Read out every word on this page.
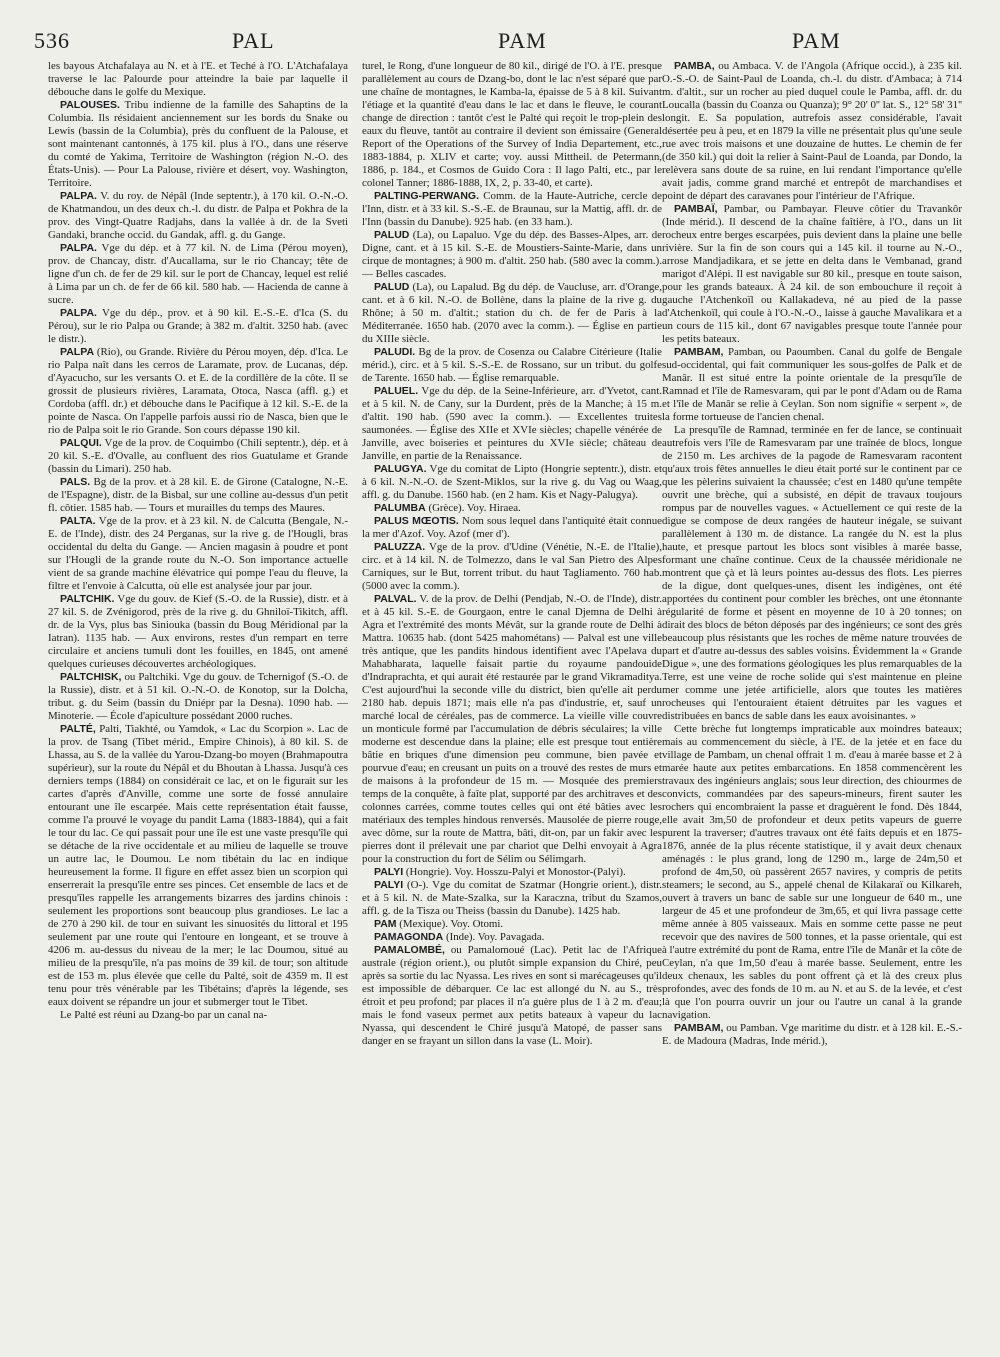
536	PAL	PAM	PAM

les bayous Atchafalaya au N. et à l'E. et Teché à l'O. L'Atchafalaya traverse le lac Palourde pour atteindre la baie par laquelle il débouche dans le golfe du Mexique.

PALOUSES. Tribu indienne de la famille des Sahaptins de la Columbia. Ils résidaient anciennement sur les bords du Snake ou Lewis (bassin de la Columbia), près du confluent de la Palouse, et sont maintenant cantonnés, à 175 kil. plus à l'O., dans une réserve du comté de Yakima, Territoire de Washington (région N.-O. des États-Unis). — Pour La Palouse, rivière et désert, voy. Washington, Territoire.

PALPA. V. du roy. de Népâl (Inde septentr.), à 170 kil. O.-N.-O. de Khatmandou, un des deux ch.-l. du distr. de Palpa et Pokhra de la prov. des Vingt-Quatre Radjahs, dans la vallée à dr. de la Sveti Gandaki, branche occid. du Gandak, affl. g. du Gange.

PALPA. Vge du dép. et à 77 kil. N. de Lima (Pérou moyen), prov. de Chancay, distr. d'Aucallama, sur le rio Chancay; tête de ligne d'un ch. de fer de 29 kil. sur le port de Chancay, lequel est relié à Lima par un ch. de fer de 66 kil. 580 hab. — Hacienda de canne à sucre.

PALPA. Vge du dép., prov. et à 90 kil. E.-S.-E. d'Ica (S. du Pérou), sur le rio Palpa ou Grande; à 382 m. d'altit. 3250 hab. (avec le distr.).

PALPA (Rio), ou Grande. Rivière du Pérou moyen, dép. d'Ica. Le rio Palpa naît dans les cerros de Laramate, prov. de Lucanas, dép. d'Ayacucho, sur les versants O. et E. de la cordillère de la côte. Il se grossit de plusieurs rivières, Laramata, Otoca, Nasca (affl. g.) et Cordoba (affl. dr.) et débouche dans le Pacifique à 12 kil. S.-E. de la pointe de Nasca. On l'appelle parfois aussi rio de Nasca, bien que le rio de Palpa soit le rio Grande. Son cours dépasse 190 kil.

PALQUI. Vge de la prov. de Coquimbo (Chili septentr.), dép. et à 20 kil. S.-E. d'Ovalle, au confluent des rios Guatulame et Grande (bassin du Limari). 250 hab.

PALS. Bg de la prov. et à 28 kil. E. de Girone (Catalogne, N.-E. de l'Espagne), distr. de la Bisbal, sur une colline au-dessus d'un petit fl. côtier. 1585 hab. — Tours et murailles du temps des Maures.

PALTA. Vge de la prov. et à 23 kil. N. de Calcutta (Bengale, N.-E. de l'Inde), distr. des 24 Perganas, sur la rive g. de l'Hougli, bras occidental du delta du Gange. — Ancien magasin à poudre et pont sur l'Hougli de la grande route du N.-O. Son importance actuelle vient de sa grande machine élévatrice qui pompe l'eau du fleuve, la filtre et l'envoie à Calcutta, où elle est analysée jour par jour.

PALTCHIK. Vge du gouv. de Kief (S.-O. de la Russie), distr. et à 27 kil. S. de Zvénigorod, près de la rive g. du Ghniloï-Tikitch, affl. dr. de la Vys, plus bas Siniouka (bassin du Boug Méridional par la Iatran). 1135 hab. — Aux environs, restes d'un rempart en terre circulaire et anciens tumuli dont les fouilles, en 1845, ont amené quelques curieuses découvertes archéologiques.

PALTCHISK, ou Paltchiki. Vge du gouv. de Tchernigof (S.-O. de la Russie), distr. et à 51 kil. O.-N.-O. de Konotop, sur la Dolcha, tribut. g. du Seim (bassin du Dniépr par la Desna). 1090 hab. — Minoterie. — École d'apiculture possédant 2000 ruches.

PALTÉ, Palti, Tiakhté, ou Yamdok, « Lac du Scorpion ». Lac de la prov. de Tsang (Tibet mérid., Empire Chinois), à 80 kil. S. de Lhassa, au S. de la vallée du Yarou-Dzang-bo moyen (Brahmapoutra supérieur), sur la route du Népâl et du Bhoutan à Lhassa. Jusqu'à ces derniers temps (1884) on considérait ce lac, et on le figurait sur les cartes d'après d'Anville, comme une sorte de fossé annulaire entourant une île escarpée. Mais cette représentation était fausse, comme l'a prouvé le voyage du pandit Lama (1883-1884), qui a fait le tour du lac. Ce qui passait pour une île est une vaste presqu'île qui se détache de la rive occidentale et au milieu de laquelle se trouve un autre lac, le Doumou. Le nom tibétain du lac en indique heureusement la forme. Il figure en effet assez bien un scorpion qui enserrerait la presqu'île entre ses pinces. Cet ensemble de lacs et de presqu'îles rappelle les arrangements bizarres des jardins chinois : seulement les proportions sont beaucoup plus grandioses. Le lac a de 270 à 290 kil. de tour en suivant les sinuosités du littoral et 195 seulement par une route qui l'entoure en longeant, et se trouve à 4206 m. au-dessus du niveau de la mer; le lac Doumou, situé au milieu de la presqu'île, n'a pas moins de 39 kil. de tour; son altitude est de 153 m. plus élevée que celle du Palté, soit de 4359 m. Il est tenu pour très vénérable par les Tibétains; d'après la légende, ses eaux doivent se répandre un jour et submerger tout le Tibet.

Le Palté est réuni au Dzang-bo par un canal na-

turel, le Rong, d'une longueur de 80 kil., dirigé de l'O. à l'E. presque parallèlement au cours de Dzang-bo, dont le lac n'est séparé que par une chaîne de montagnes, le Kamba-la, épaisse de 5 à 8 kil. Suivant l'étiage et la quantité d'eau dans le lac et dans le fleuve, le courant change de direction : tantôt c'est le Palté qui reçoit le trop-plein des eaux du fleuve, tantôt au contraire il devient son émissaire (General Report of the Operations of the Survey of India Departement, etc., 1883-1884, p. XLIV et carte; voy. aussi Mittheil. de Petermann, 1886, p. 184., et Cosmos de Guido Cora : Il lago Palti, etc., par le colonel Tanner; 1886-1888, IX, 2, p. 33-40, et carte).

PALTING-PERWANG. Comm. de la Haute-Autriche, cercle de l'Inn, distr. et à 33 kil. S.-S.-E. de Braunau, sur la Mattig, affl. dr. de l'Inn (bassin du Danube). 925 hab. (en 33 ham.).

PALUD (La), ou Lapaluo. Vge du dép. des Basses-Alpes, arr. de Digne, cant. et à 15 kil. S.-E. de Moustiers-Sainte-Marie, dans un cirque de montagnes; à 900 m. d'altit. 250 hab. (580 avec la comm.). — Belles cascades.

PALUD (La), ou Lapalud. Bg du dép. de Vaucluse, arr. d'Orange, cant. et à 6 kil. N.-O. de Bollène, dans la plaine de la rive g. du Rhône; à 50 m. d'altit.; station du ch. de fer de Paris à la Méditerranée. 1650 hab. (2070 avec la comm.). — Église en partie du XIIIe siècle.

PALUDI. Bg de la prov. de Cosenza ou Calabre Citérieure (Italie mérid.), circ. et à 5 kil. S.-S.-E. de Rossano, sur un tribut. du golfe de Tarente. 1650 hab. — Église remarquable.

PALUEL. Vge du dép. de la Seine-Inférieure, arr. d'Yvetot, cant. et à 5 kil. N. de Cany, sur la Durdent, près de la Manche; à 15 m. d'altit. 190 hab. (590 avec la comm.). — Excellentes truites saumonées. — Église des XIIe et XVIe siècles; chapelle vénérée de Janville, avec boiseries et peintures du XVIe siècle; château de Janville, en partie de la Renaissance.

PALUGYA. Vge du comitat de Lipto (Hongrie septentr.), distr. et à 6 kil. N.-N.-O. de Szent-Miklos, sur la rive g. du Vag ou Waag, affl. g. du Danube. 1560 hab. (en 2 ham. Kis et Nagy-Palugya).

PALUMBA (Grèce). Voy. Hiraea.

PALUS MŒOTIS. Nom sous lequel dans l'antiquité était connue la mer d'Azof. Voy. Azof (mer d').

PALUZZA. Vge de la prov. d'Udine (Vénétie, N.-E. de l'Italie), circ. et à 14 kil. N. de Tolmezzo, dans le val San Pietro des Alpes Carniques, sur le But, torrent tribut. du haut Tagliamento. 760 hab. (5000 avec la comm.).

PALVAL. V. de la prov. de Delhi (Pendjab, N.-O. de l'Inde), distr. et à 45 kil. S.-E. de Gourgaon, entre le canal Djemna de Delhi à Agra et l'extrémité des monts Mévât, sur la grande route de Delhi à Mattra. 10635 hab. (dont 5425 mahométans) — Palval est une ville très antique, que les pandits hindous identifient avec l'Apelava du Mahabharata, laquelle faisait partie du royaume pandouide d'Indraprachta, et qui aurait été restaurée par le grand Vikramaditya. C'est aujourd'hui la seconde ville du district, bien qu'elle ait perdu 2180 hab. depuis 1871; mais elle n'a pas d'industrie, et, sauf un marché local de céréales, pas de commerce. La vieille ville couvre un monticule formé par l'accumulation de débris séculaires; la ville moderne est descendue dans la plaine; elle est presque tout entière bâtie en briques d'une dimension peu commune, bien pavée et pourvue d'eau; en creusant un puits on a trouvé des restes de murs et de maisons à la profondeur de 15 m. — Mosquée des premiers temps de la conquête, à faîte plat, supporté par des architraves et des colonnes carrées, comme toutes celles qui ont été bâties avec les matériaux des temples hindous renversés. Mausolée de pierre rouge, avec dôme, sur la route de Mattra, bâti, dit-on, par un fakir avec les pierres dont il prélevait une par chariot que Delhi envoyait à Agra pour la construction du fort de Sélim ou Sélimgarh.

PALYI (Hongrie). Voy. Hosszu-Palyi et Monostor-(Palyi).

PALYI (O-). Vge du comitat de Szatmar (Hongrie orient.), distr. et à 5 kil. N. de Mate-Szalka, sur la Karaczna, tribut du Szamos, affl. g. de la Tisza ou Theiss (bassin du Danube). 1425 hab.

PAM (Mexique). Voy. Otomi.

PAMAGONDA (Inde). Voy. Pavagada.

PAMALOMBÉ, ou Pamalomoué (Lac). Petit lac de l'Afrique australe (région orient.), ou plutôt simple expansion du Chiré, peu après sa sortie du lac Nyassa. Les rives en sont si marécageuses qu'il est impossible de débarquer. Ce lac est allongé du N. au S., très étroit et peu profond; par places il n'a guère plus de 1 à 2 m. d'eau; mais le fond vaseux permet aux petits bateaux à vapeur du lac Nyassa, qui descendent le Chiré jusqu'à Matopé, de passer sans danger en se frayant un sillon dans la vase (L. Moir).

PAMBA, ou Ambaca. V. de l'Angola (Afrique occid.), à 235 kil. O.-S.-O. de Saint-Paul de Loanda, ch.-l. du distr. d'Ambaca; à 714 m. d'altit., sur un rocher au pied duquel coule le Pamba, affl. dr. du Loucalla (bassin du Coanza ou Quanza); 9° 20' 0'' lat. S., 12° 58' 31'' longit. E. Sa population, autrefois assez considérable, l'avait désertée peu à peu, et en 1879 la ville ne présentait plus qu'une seule rue avec trois maisons et une douzaine de huttes. Le chemin de fer (de 350 kil.) qui doit la relier à Saint-Paul de Loanda, par Dondo, la relèvera sans doute de sa ruine, en lui rendant l'importance qu'elle avait jadis, comme grand marché et entrepôt de marchandises et point de départ des caravanes pour l'intérieur de l'Afrique.

PAMBAÏ, Pambar, ou Pambayar. Fleuve côtier du Travankôr (Inde mérid.). Il descend de la chaîne faîtière, à l'O., dans un lit rocheux entre berges escarpées, puis devient dans la plaine une belle rivière. Sur la fin de son cours qui a 145 kil. il tourne au N.-O., arrose Mandjadikara, et se jette en delta dans le Vembanad, grand marigot d'Alépi. Il est navigable sur 80 kil., presque en toute saison, pour les grands bateaux. À 24 kil. de son embouchure il reçoit à gauche l'Atchenkoïl ou Kallakadeva, né au pied de la passe d'Atchenkoïl, qui coule à l'O.-N.-O., laisse à gauche Mavalikara et a un cours de 115 kil., dont 67 navigables presque toute l'année pour les petits bateaux.

PAMBAM, Pamban, ou Paoumben. Canal du golfe de Bengale sud-occidental, qui fait communiquer les sous-golfes de Palk et de Manâr. Il est situé entre la pointe orientale de la presqu'île de Ramnad et l'île de Ramesvaram, qui par le pont d'Adam ou de Rama et l'île de Manâr se relie à Ceylan. Son nom signifie « serpent », de la forme tortueuse de l'ancien chenal.

La presqu'île de Ramnad, terminée en fer de lance, se continuait autrefois vers l'île de Ramesvaram par une traînée de blocs, longue de 2150 m. Les archives de la pagode de Ramesvaram racontent qu'aux trois fêtes annuelles le dieu était porté sur le continent par ce que les pèlerins suivaient la chaussée; c'est en 1480 qu'une tempête ouvrit une brèche, qui a subsisté, en dépit de travaux toujours rompus par de nouvelles vagues. « Actuellement ce qui reste de la digue se compose de deux rangées de hauteur inégale, se suivant parallèlement à 130 m. de distance. La rangée du N. est la plus haute, et presque partout les blocs sont visibles à marée basse, formant une chaîne continue. Ceux de la chaussée méridionale ne montrent que çà et là leurs pointes au-dessus des flots. Les pierres de la digue, dont quelques-unes, disent les indigènes, ont été apportées du continent pour combler les brèches, ont une étonnante régularité de forme et pèsent en moyenne de 10 à 20 tonnes; on dirait des blocs de béton déposés par des ingénieurs; ce sont des grès beaucoup plus résistants que les roches de même nature trouvées de part et d'autre au-dessus des sables voisins. Évidemment la « Grande Digue », une des formations géologiques les plus remarquables de la Terre, est une veine de roche solide qui s'est maintenue en pleine mer comme une jetée artificielle, alors que toutes les matières rocheuses qui l'entouraient étaient détruites par les vagues et distribuées en bancs de sable dans les eaux avoisinantes. »

Cette brèche fut longtemps impraticable aux moindres bateaux; mais au commencement du siècle, à l'E. de la jetée et en face du village de Pambam, un chenal offrait 1 m. d'eau à marée basse et 2 à marée haute aux petites embarcations. En 1858 commencèrent les travaux des ingénieurs anglais; sous leur direction, des chiourmes de convicts, commandées par des sapeurs-mineurs, firent sauter les rochers qui encombraient la passe et draguèrent le fond. Dès 1844, elle avait 3m,50 de profondeur et deux petits vapeurs de guerre purent la traverser; d'autres travaux ont été faits depuis et en 1875-1876, année de la plus récente statistique, il y avait deux chenaux aménagés : le plus grand, long de 1290 m., large de 24m,50 et profond de 4m,50, où passèrent 2657 navires, y compris de petits steamers; le second, au S., appelé chenal de Kilakaraï ou Kilkareh, ouvert à travers un banc de sable sur une longueur de 640 m., une largeur de 45 et une profondeur de 3m,65, et qui livra passage cette même année à 805 vaisseaux. Mais en somme cette passe ne peut recevoir que des navires de 500 tonnes, et la passe orientale, qui est à l'autre extrémité du pont de Rama, entre l'île de Manâr et la côte de Ceylan, n'a que 1m,50 d'eau à marée basse. Seulement, entre les deux chenaux, les sables du pont offrent çà et là des creux plus profondes, avec des fonds de 10 m. au N. et au S. de la levée, et c'est là que l'on pourra ouvrir un jour ou l'autre un canal à la grande navigation.

PAMBAM, ou Pamban. Vge maritime du distr. et à 128 kil. E.-S.-E. de Madoura (Madras, Inde mérid.),
